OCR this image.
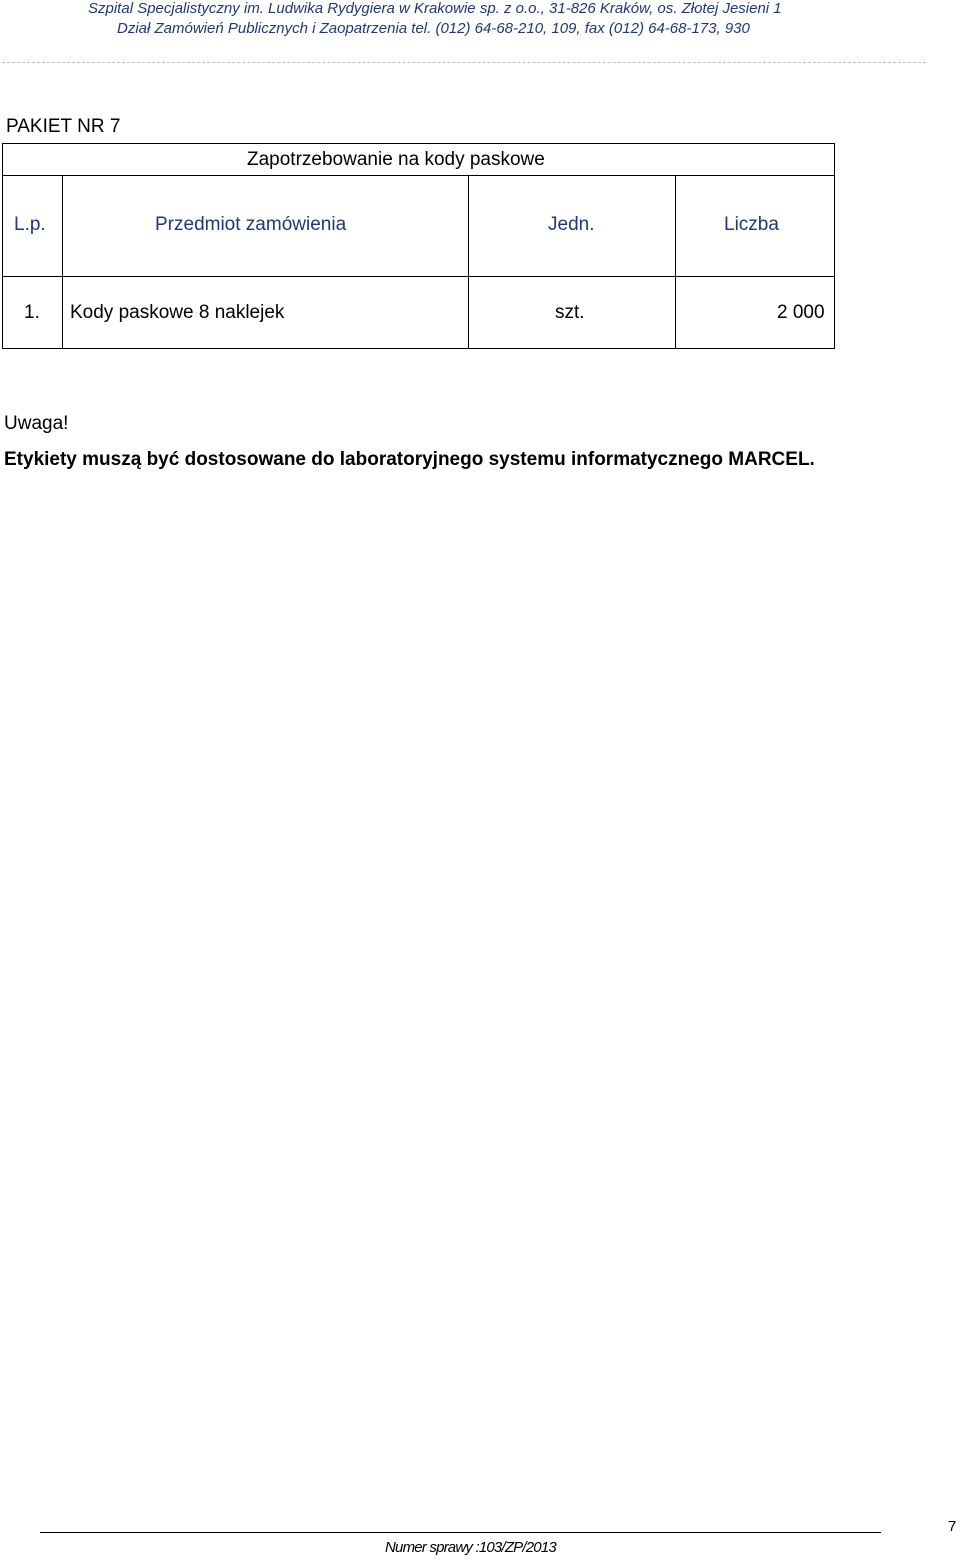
Szpital Specjalistyczny im. Ludwika Rydygiera w Krakowie sp. z o.o., 31-826 Kraków, os. Złotej Jesieni 1
Dział Zamówień Publicznych i Zaopatrzenia tel. (012) 64-68-210, 109, fax (012) 64-68-173, 930
PAKIET NR 7
Zapotrzebowanie na kody paskowe
L.p.	Przedmiot zamówienia	Jedn.	Liczba
1. Kody paskowe 8 naklejek	szt.	2 000
Uwaga!
Etykiety muszą być dostosowane do laboratoryjnego systemu informatycznego MARCEL.
Numer sprawy :103/ZP/2013
7
